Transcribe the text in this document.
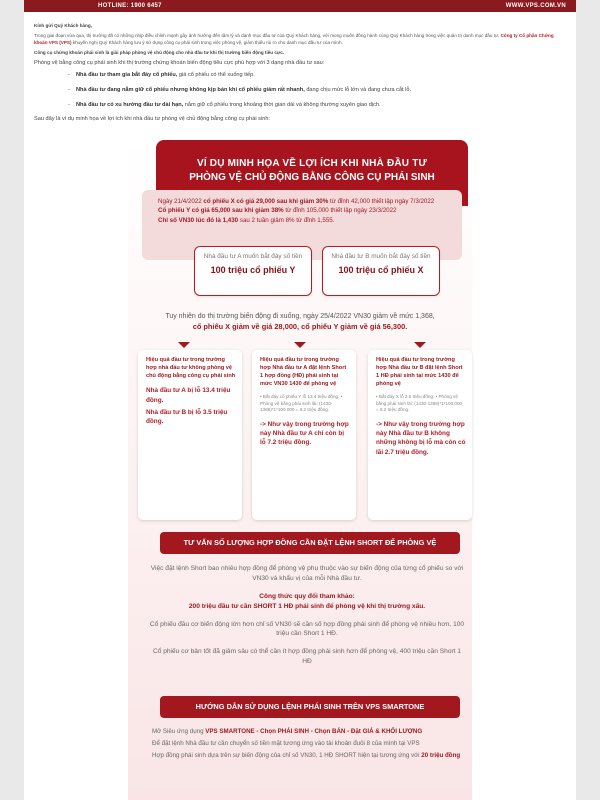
HOTLINE: 1900 6457	WWW.VPS.COM.VN

Kính gửi Quý Khách hàng,

Trong giai đoạn vừa qua, thị trường đã có những nhịp điều chỉnh mạnh gây ảnh hưởng đến tâm lý và danh mục đầu tư của Quý Khách hàng, với mong muốn đồng hành cùng Quý Khách hàng trong việc quản trị danh mục đầu tư, Công ty Cổ phần Chứng khoán VPS (VPS) khuyến nghị Quý Khách hàng lưu ý sử dụng công cụ phái sinh trong việc phòng vệ, giảm thiểu rủi ro cho danh mục đầu tư của mình.

Công cụ chứng khoán phái sinh là giải pháp phòng vệ chủ động cho nhà đầu tư khi thị trường biến động tiêu cực.

Phòng vệ bằng công cụ phái sinh khi thị trường chứng khoán biến động tiêu cực phù hợp với 3 dạng nhà đầu tư sau:

- Nhà đầu tư tham gia bắt đáy cổ phiếu, giá cổ phiếu có thể xuống tiếp.
- Nhà đầu tư đang nắm giữ cổ phiếu nhưng không kịp bán khi cổ phiếu giảm rất nhanh, đang chịu mức lỗ lớn và đang chưa cắt lỗ.
- Nhà đầu tư có xu hướng đầu tư dài hạn, nắm giữ cổ phiếu trong khoảng thời gian dài và không thường xuyên giao dịch.

Sau đây là ví dụ minh họa về lợi ích khi nhà đầu tư phòng vệ chủ động bằng công cụ phái sinh:

VÍ DỤ MINH HỌA VỀ LỢI ÍCH KHI NHÀ ĐẦU TƯ
PHÒNG VỆ CHỦ ĐỘNG BẰNG CÔNG CỤ PHÁI SINH
Ngày 21/4/2022 cổ phiếu X có giá 29,000 sau khi giảm 30% từ đỉnh 42,000 thiết lập ngày 7/3/2022
Cổ phiếu Y có giá 65,000 sau khi giảm 38% từ đỉnh 105,000 thiết lập ngày 23/3/2022
Chỉ số VN30 lúc đó là 1,430 sau 2 tuần giảm 8% từ đỉnh 1,555.
Nhà đầu tư A muốn bắt đáy số tiền
100 triệu cổ phiếu Y
Nhà đầu tư B muốn bắt đáy số tiền
100 triệu cổ phiếu X
Tuy nhiên do thị trường biến động đi xuống, ngày 25/4/2022 VN30 giảm về mức 1,368,
cổ phiếu X giảm về giá 28,000, cổ phiếu Y giảm về giá 56,300.
Hiệu quả đầu tư trong trường hợp nhà đầu tư không phòng vệ chủ động bằng công cụ phái sinh
Nhà đầu tư A bị lỗ 13.4 triệu đồng.
Nhà đầu tư B bị lỗ 3.5 triệu đồng.
Hiệu quả đầu tư trong trường hợp Nhà đầu tư A đặt lệnh Short 1 hợp đồng (HĐ) phái sinh tại mức VN30 1430 để phòng vệ
• Bắt đáy cổ phiếu Y lỗ 13.4 triệu đồng. • Phòng vệ bằng phái sinh lãi: (1430-1368)*1*100.000 = 6.2 triệu đồng.
-> Như vậy trong trường hợp này Nhà đầu tư A chỉ còn bị lỗ 7.2 triệu đồng.
Hiệu quả đầu tư trong trường hợp Nhà đầu tư B đặt lệnh Short 1 HĐ phái sinh tại mức 1430 để phòng vệ
• Bắt đáy X lỗ 3.5 triệu đồng. • Phòng vệ bằng phái sinh lãi: (1430-1368)*1*100.000 = 6.2 triệu đồng.
-> Như vậy trong trường hợp này Nhà đầu tư B không những không bị lỗ mà còn có lãi 2.7 triệu đồng.
TƯ VẤN SỐ LƯỢNG HỢP ĐỒNG CẦN ĐẶT LỆNH SHORT ĐỂ PHÒNG VỆ

Việc đặt lệnh Short bao nhiêu hợp đồng để phòng vệ phụ thuộc vào sự biến động của từng cổ phiếu so với VN30 và khẩu vị của mỗi Nhà đầu tư.

Công thức quy đổi tham khảo:

200 triệu đầu tư cần SHORT 1 HĐ phái sinh để phòng vệ khi thị trường xấu.

Cổ phiếu đầu cơ biến động lớn hơn chỉ số VN30 sẽ cần số hợp đồng phái sinh để phòng vệ nhiều hơn, 100 triệu cần Short 1 HĐ.

Cổ phiếu cơ bản tốt đã giảm sâu có thể cần ít hợp đồng phái sinh hơn để phòng vệ, 400 triệu cần Short 1 HĐ

HƯỚNG DẪN SỬ DỤNG LỆNH PHÁI SINH TRÊN VPS SMARTONE

Mở Siêu ứng dụng VPS SMARTONE - Chọn PHÁI SINH - Chọn BÁN - Đặt GIÁ & KHỐI LƯỢNG

Để đặt lệnh Nhà đầu tư cần chuyển số tiền mặt tương ứng vào tài khoản đuôi 8 của mình tại VPS

Hợp đồng phái sinh dựa trên sự biến động của chỉ số VN30, 1 HĐ SHORT hiện tại tương ứng với 20 triệu đồng
